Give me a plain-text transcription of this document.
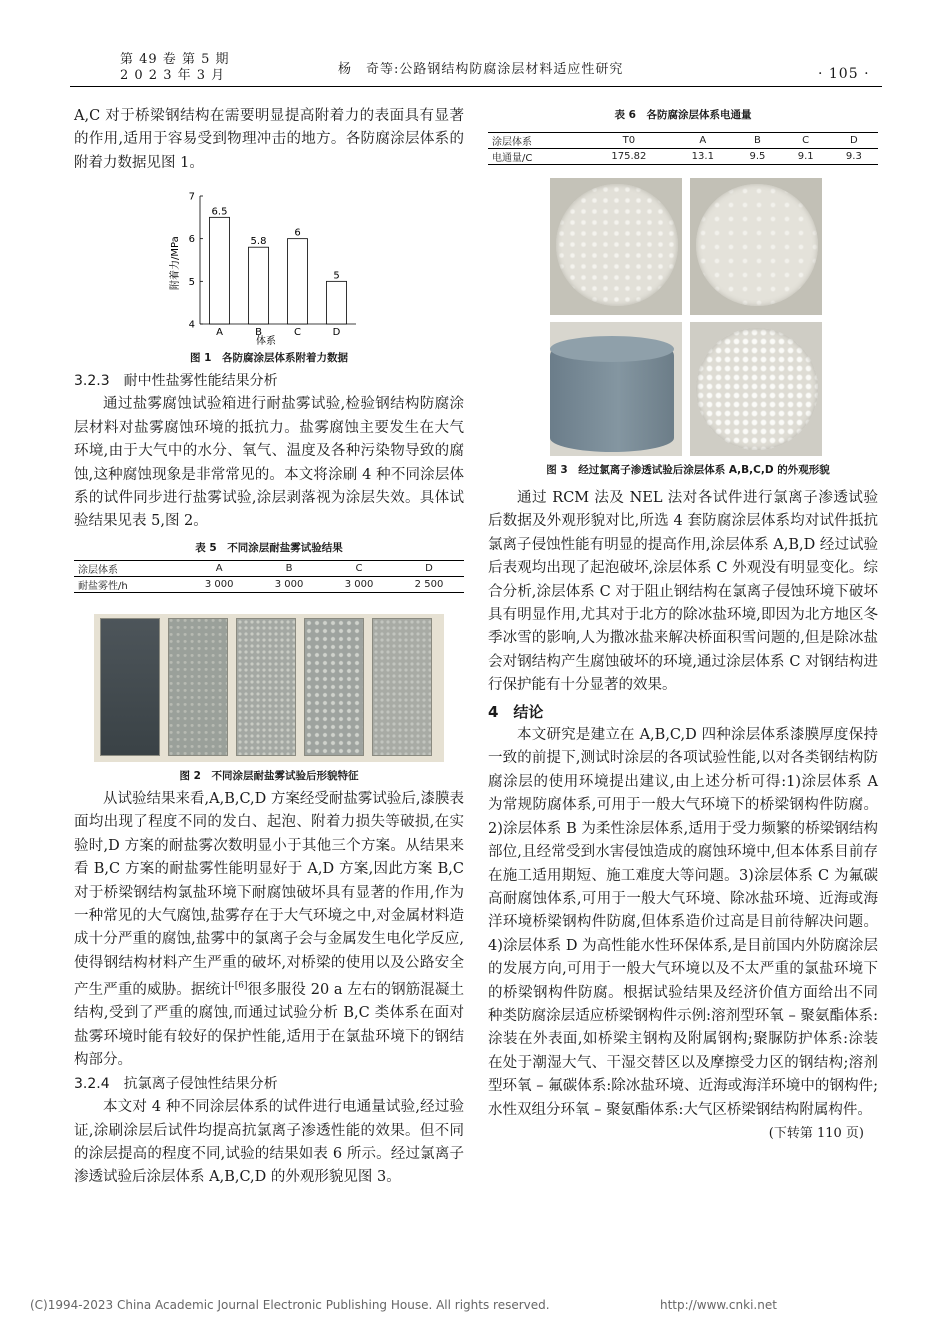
第 49 卷 第 5 期
2 0 2 3 年 3 月	杨　奇等:公路钢结构防腐涂层材料适应性研究	· 105 ·

A,C 对于桥梁钢结构在需要明显提高附着力的表面具有显著的作用,适用于容易受到物理冲击的地方。各防腐涂层体系的附着力数据见图 1。

附着力/MPa
体系
4
5
6
7
6.5
A
5.8
B
6
C
5
D
图 1　各防腐涂层体系附着力数据
3.2.3　耐中性盐雾性能结果分析

通过盐雾腐蚀试验箱进行耐盐雾试验,检验钢结构防腐涂层材料对盐雾腐蚀环境的抵抗力。盐雾腐蚀主要发生在大气环境,由于大气中的水分、氧气、温度及各种污染物导致的腐蚀,这种腐蚀现象是非常常见的。本文将涂刷 4 种不同涂层体系的试件同步进行盐雾试验,涂层剥落视为涂层失效。具体试验结果见表 5,图 2。

表 5　不同涂层耐盐雾试验结果
涂层体系	A	B	C	D
耐盐雾性/h	3 000	3 000	3 000	2 500
图 2　不同涂层耐盐雾试验后形貌特征

从试验结果来看,A,B,C,D 方案经受耐盐雾试验后,漆膜表面均出现了程度不同的发白、起泡、附着力损失等破损,在实验时,D 方案的耐盐雾次数明显小于其他三个方案。从结果来看 B,C 方案的耐盐雾性能明显好于 A,D 方案,因此方案 B,C 对于桥梁钢结构氯盐环境下耐腐蚀破坏具有显著的作用,作为一种常见的大气腐蚀,盐雾存在于大气环境之中,对金属材料造成十分严重的腐蚀,盐雾中的氯离子会与金属发生电化学反应,使得钢结构材料产生严重的破坏,对桥梁的使用以及公路安全产生严重的威胁。据统计[6]很多服役 20 a 左右的钢筋混凝土结构,受到了严重的腐蚀,而通过试验分析 B,C 类体系在面对盐雾环境时能有较好的保护性能,适用于在氯盐环境下的钢结构部分。

3.2.4　抗氯离子侵蚀性结果分析

本文对 4 种不同涂层体系的试件进行电通量试验,经过验证,涂刷涂层后试件均提高抗氯离子渗透性能的效果。但不同的涂层提高的程度不同,试验的结果如表 6 所示。经过氯离子渗透试验后涂层体系 A,B,C,D 的外观形貌见图 3。

表 6　各防腐涂层体系电通量
涂层体系	T0	A	B	C	D
电通量/C	175.82	13.1	9.5	9.1	9.3
图 3　经过氯离子渗透试验后涂层体系 A,B,C,D 的外观形貌

通过 RCM 法及 NEL 法对各试件进行氯离子渗透试验后数据及外观形貌对比,所选 4 套防腐涂层体系均对试件抵抗氯离子侵蚀性能有明显的提高作用,涂层体系 A,B,D 经过试验后表观均出现了起泡破坏,涂层体系 C 外观没有明显变化。综合分析,涂层体系 C 对于阻止钢结构在氯离子侵蚀环境下破坏具有明显作用,尤其对于北方的除冰盐环境,即因为北方地区冬季冰雪的影响,人为撒冰盐来解决桥面积雪问题的,但是除冰盐会对钢结构产生腐蚀破坏的环境,通过涂层体系 C 对钢结构进行保护能有十分显著的效果。

4　结论

本文研究是建立在 A,B,C,D 四种涂层体系漆膜厚度保持一致的前提下,测试时涂层的各项试验性能,以对各类钢结构防腐涂层的使用环境提出建议,由上述分析可得:1)涂层体系 A 为常规防腐体系,可用于一般大气环境下的桥梁钢构件防腐。2)涂层体系 B 为柔性涂层体系,适用于受力频繁的桥梁钢结构部位,且经常受到水害侵蚀造成的腐蚀环境中,但本体系目前存在施工适用期短、施工难度大等问题。3)涂层体系 C 为氟碳高耐腐蚀体系,可用于一般大气环境、除冰盐环境、近海或海洋环境桥梁钢构件防腐,但体系造价过高是目前待解决问题。4)涂层体系 D 为高性能水性环保体系,是目前国内外防腐涂层的发展方向,可用于一般大气环境以及不太严重的氯盐环境下的桥梁钢构件防腐。根据试验结果及经济价值方面给出不同种类防腐涂层适应桥梁钢构件示例:溶剂型环氧 – 聚氨酯体系:涂装在外表面,如桥梁主钢构及附属钢构;聚脲防护体系:涂装在处于潮湿大气、干湿交替区以及摩擦受力区的钢结构;溶剂型环氧 – 氟碳体系:除冰盐环境、近海或海洋环境中的钢构件;水性双组分环氧 – 聚氨酯体系:大气区桥梁钢结构附属构件。

(下转第 110 页)
(C)1994-2023 China Academic Journal Electronic Publishing House. All rights reserved.	http://www.cnki.net
